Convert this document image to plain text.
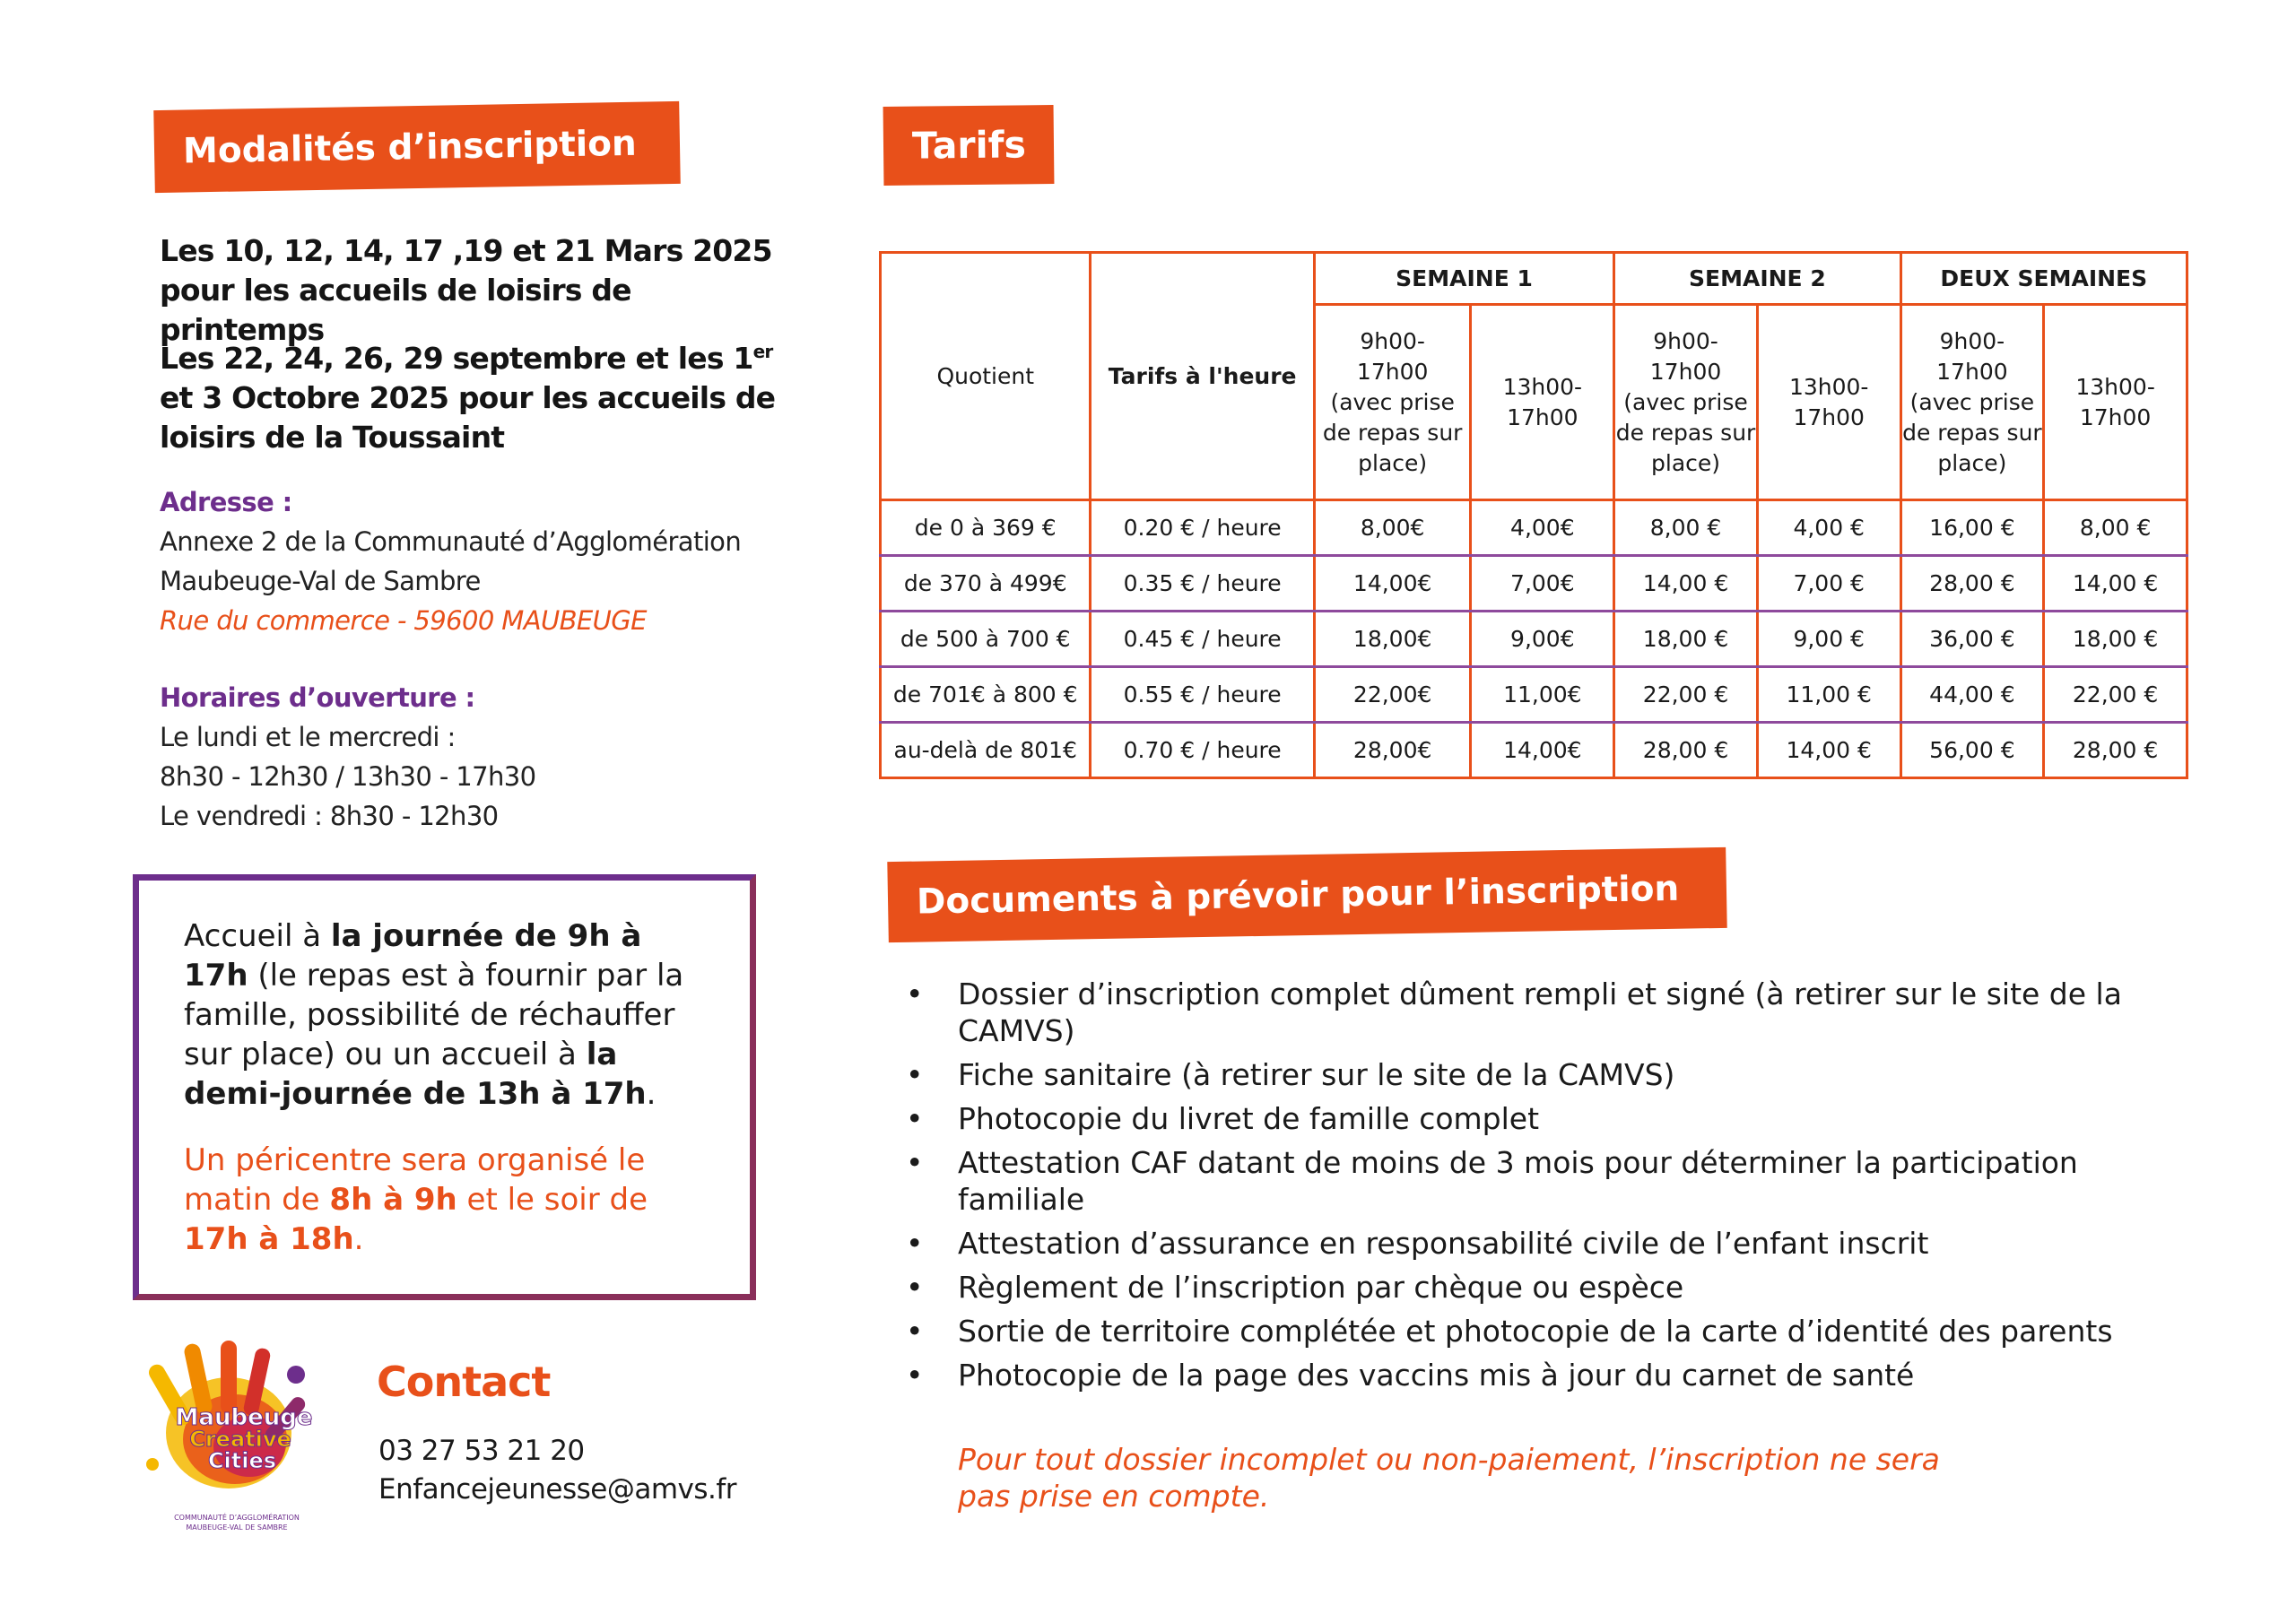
Modalités d’inscription
Les 10, 12, 14, 17 ,19 et 21 Mars 2025 pour les accueils de loisirs de printemps
Les 22, 24, 26, 29 septembre et les 1er et 3 Octobre 2025 pour les accueils de loisirs de la Toussaint
Adresse :
Annexe 2 de la Communauté d’Agglomération
Maubeuge-Val de Sambre
Rue du commerce - 59600 MAUBEUGE
Horaires d’ouverture :
Le lundi et le mercredi :
8h30 - 12h30 / 13h30 - 17h30
Le vendredi : 8h30 - 12h30

Accueil à la journée de 9h à 17h (le repas est à fournir par la famille, possibilité de réchauffer sur place) ou un accueil à la demi-journée de 13h à 17h.

Un péricentre sera organisé le matin de 8h à 9h et le soir de 17h à 18h.

Maubeuge
Creative
Cities
COMMUNAUTÉ D’AGGLOMÉRATION
MAUBEUGE-VAL DE SAMBRE
Contact
03 27 53 21 20
Enfancejeunesse@amvs.fr
Tarifs
Quotient	Tarifs à l'heure	SEMAINE 1		SEMAINE 2		DEUX SEMAINES	
		9h00-
17h00
(avec prise de repas sur place)	13h00-
17h00	9h00-
17h00
(avec prise de repas sur place)	13h00-
17h00	9h00-
17h00
(avec prise de repas sur place)	13h00-
17h00
de 0 à 369 €	0.20 € / heure	8,00€	4,00€	8,00 €	4,00 €	16,00 €	8,00 €
de 370 à 499€	0.35 € / heure	14,00€	7,00€	14,00 €	7,00 €	28,00 €	14,00 €
de 500 à 700 €	0.45 € / heure	18,00€	9,00€	18,00 €	9,00 €	36,00 €	18,00 €
de 701€ à 800 €	0.55 € / heure	22,00€	11,00€	22,00 €	11,00 €	44,00 €	22,00 €
au-delà de 801€	0.70 € / heure	28,00€	14,00€	28,00 €	14,00 €	56,00 €	28,00 €
Documents à prévoir pour l’inscription
• Dossier d’inscription complet dûment rempli et signé (à retirer sur le site de la CAMVS)
• Fiche sanitaire (à retirer sur le site de la CAMVS)
• Photocopie du livret de famille complet
• Attestation CAF datant de moins de 3 mois pour déterminer la participation familiale
• Attestation d’assurance en responsabilité civile de l’enfant inscrit
• Règlement de l’inscription par chèque ou espèce
• Sortie de territoire complétée et photocopie de la carte d’identité des parents
• Photocopie de la page des vaccins mis à jour du carnet de santé
Pour tout dossier incomplet ou non-paiement, l’inscription ne sera pas prise en compte.
